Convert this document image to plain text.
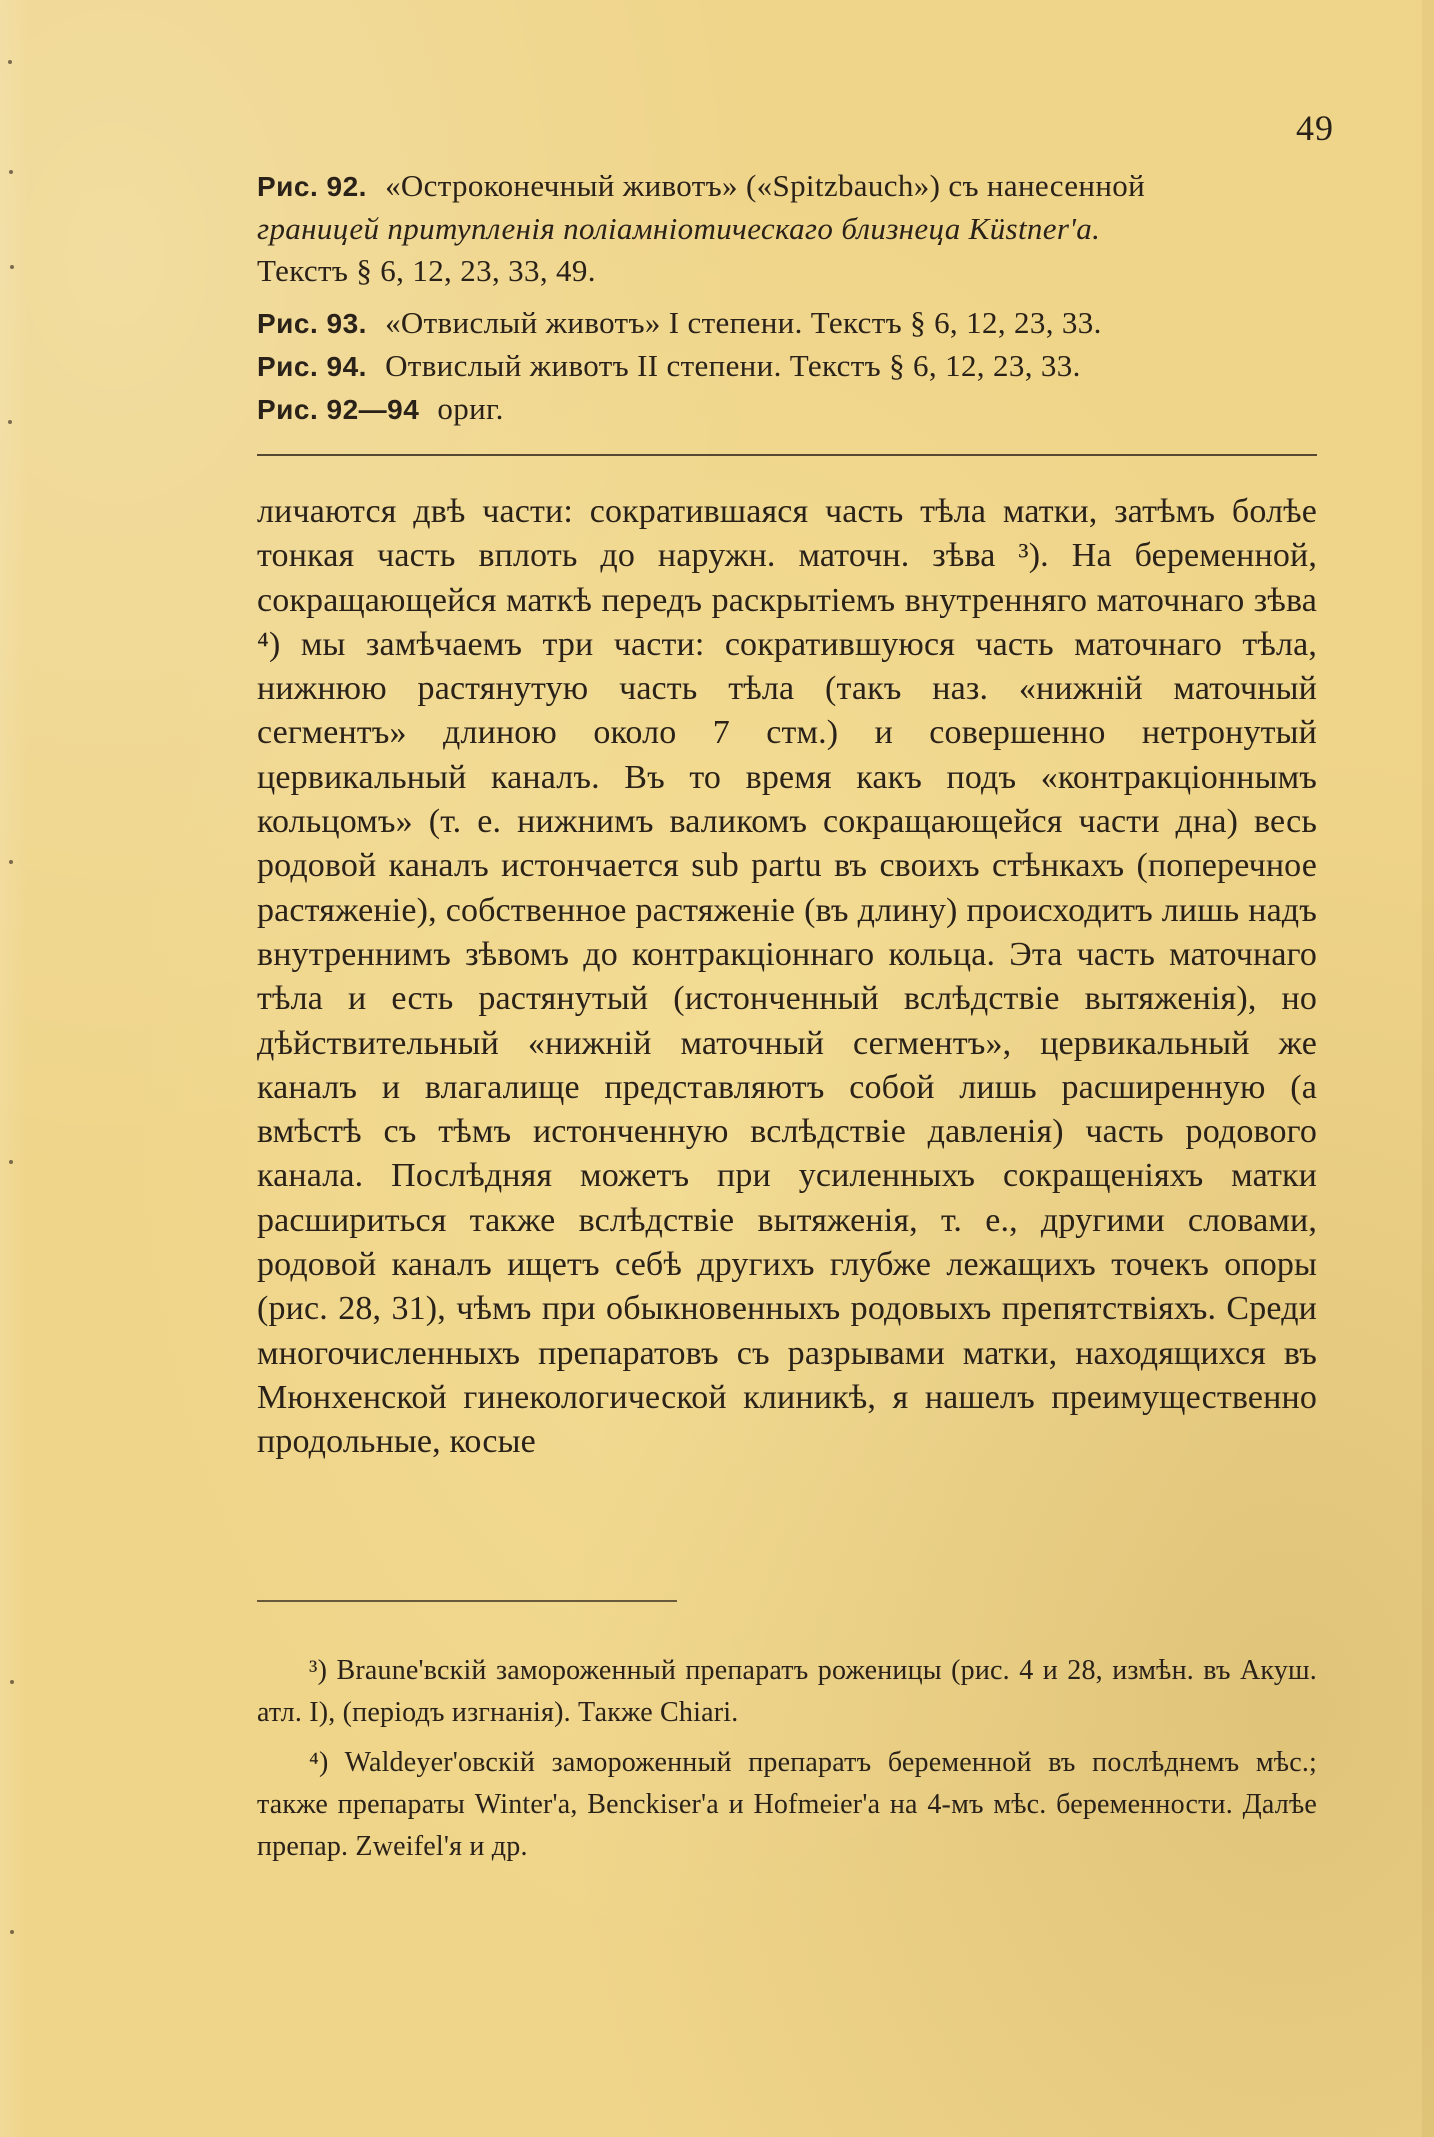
49

Рис. 92. «Остроконечный животъ» («Spitzbauch») съ нанесенной

границей притупленія поліамніотическаго близнеца Küstner'а.

Текстъ § 6, 12, 23, 33, 49.

Рис. 93. «Отвислый животъ» I степени. Текстъ § 6, 12, 23, 33.

Рис. 94. Отвислый животъ II степени. Текстъ § 6, 12, 23, 33.

Рис. 92—94 ориг.

личаются двѣ части: сократившаяся часть тѣла матки, затѣмъ болѣе тонкая часть вплоть до наружн. маточн. зѣва ³). На беременной, сокращающейся маткѣ передъ раскрытіемъ внутренняго маточнаго зѣва ⁴) мы замѣчаемъ три части: сократившуюся часть маточнаго тѣла, нижнюю растянутую часть тѣла (такъ наз. «нижній маточный сегментъ» длиною около 7 стм.) и совершенно нетронутый цервикальный каналъ. Въ то время какъ подъ «контракціоннымъ кольцомъ» (т. е. нижнимъ валикомъ сокращающейся части дна) весь родовой каналъ истончается sub partu въ своихъ стѣнкахъ (поперечное растяженіе), собственное растяженіе (въ длину) происходитъ лишь надъ внутреннимъ зѣвомъ до контракціоннаго кольца. Эта часть маточнаго тѣла и есть растянутый (истонченный вслѣдствіе вытяженія), но дѣйствительный «нижній маточный сегментъ», цервикальный же каналъ и влагалище представляютъ собой лишь расширенную (а вмѣстѣ съ тѣмъ истонченную вслѣдствіе давленія) часть родового канала. Послѣдняя можетъ при усиленныхъ сокращеніяхъ матки расшириться также вслѣдствіе вытяженія, т. е., другими словами, родовой каналъ ищетъ себѣ другихъ глубже лежащихъ точекъ опоры (рис. 28, 31), чѣмъ при обыкновенныхъ родовыхъ препятствіяхъ. Среди многочисленныхъ препаратовъ съ разрывами матки, находящихся въ Мюнхенской гинекологической клиникѣ, я нашелъ преимущественно продольные, косые

³) Braune'вскій замороженный препаратъ роженицы (рис. 4 и 28, измѣн. въ Акуш. атл. I), (періодъ изгнанія). Также Chiari.

⁴) Waldeyer'овскій замороженный препаратъ беременной въ послѣднемъ мѣс.; также препараты Winter'а, Benckiser'а и Hofmeier'а на 4-мъ мѣс. беременности. Далѣе препар. Zweifel'я и др.
